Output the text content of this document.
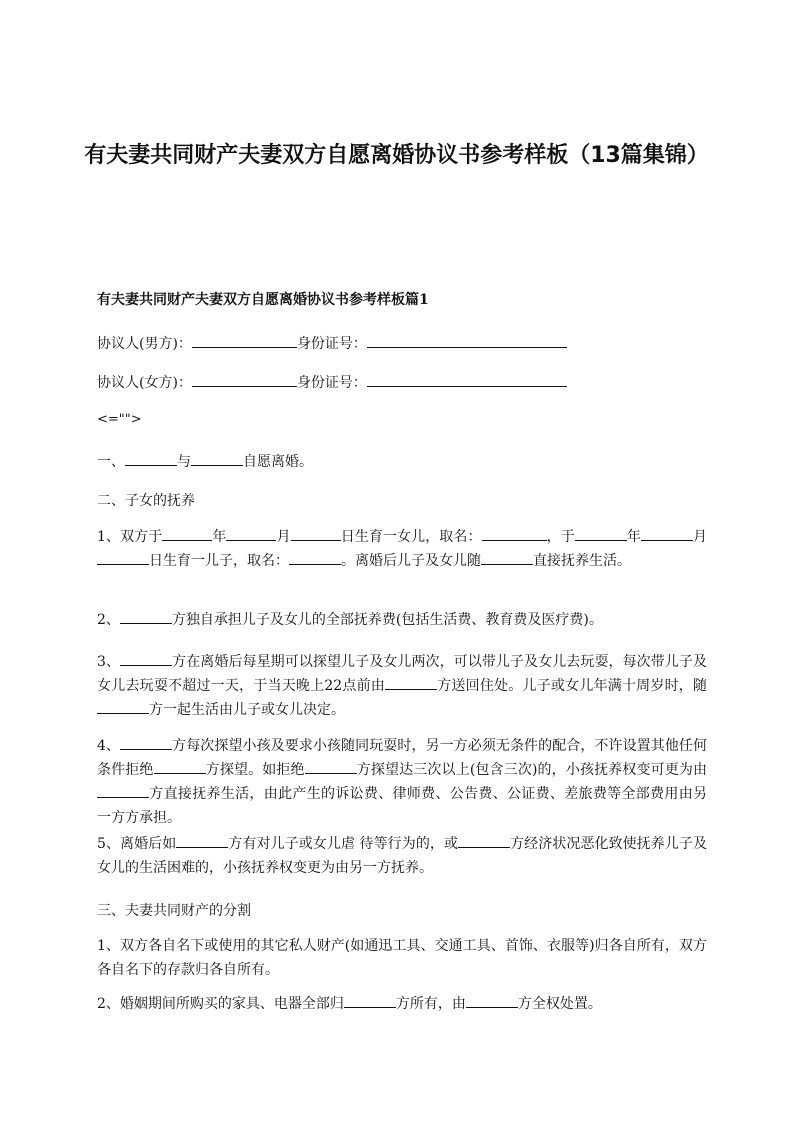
有夫妻共同财产夫妻双方自愿离婚协议书参考样板（13篇集锦）

有夫妻共同财产夫妻双方自愿离婚协议书参考样板篇1

协议人(男方)：	身份证号：

协议人(女方)：	身份证号：

<="">

一、	与	自愿离婚。

二、子女的抚养

1、双方于	年	月	日生育一女儿，取名：	，于	年	月日生育一儿子，取名：	。离婚后儿子及女儿随	直接抚养生活。

2、	方独自承担儿子及女儿的全部抚养费(包括生活费、教育费及医疗费)。

3、	方在离婚后每星期可以探望儿子及女儿两次，可以带儿子及女儿去玩耍，每次带儿子及女儿去玩耍不超过一天，于当天晚上22点前由	方送回住处。儿子或女儿年满十周岁时，随方一起生活由儿子或女儿决定。

4、	方每次探望小孩及要求小孩随同玩耍时，另一方必须无条件的配合，不许设置其他任何条件拒绝	方探望。如拒绝	方探望达三次以上(包含三次)的，小孩抚养权变可更为由方直接抚养生活，由此产生的诉讼费、律师费、公告费、公证费、差旅费等全部费用由另一方方承担。

5、离婚后如	方有对儿子或女儿虐 待等行为的，或	方经济状况恶化致使抚养儿子及女儿的生活困难的，小孩抚养权变更为由另一方抚养。

三、夫妻共同财产的分割

1、双方各自名下或使用的其它私人财产(如通迅工具、交通工具、首饰、衣服等)归各自所有，双方各自名下的存款归各自所有。

2、婚姻期间所购买的家具、电器全部归	方所有，由	方全权处置。
